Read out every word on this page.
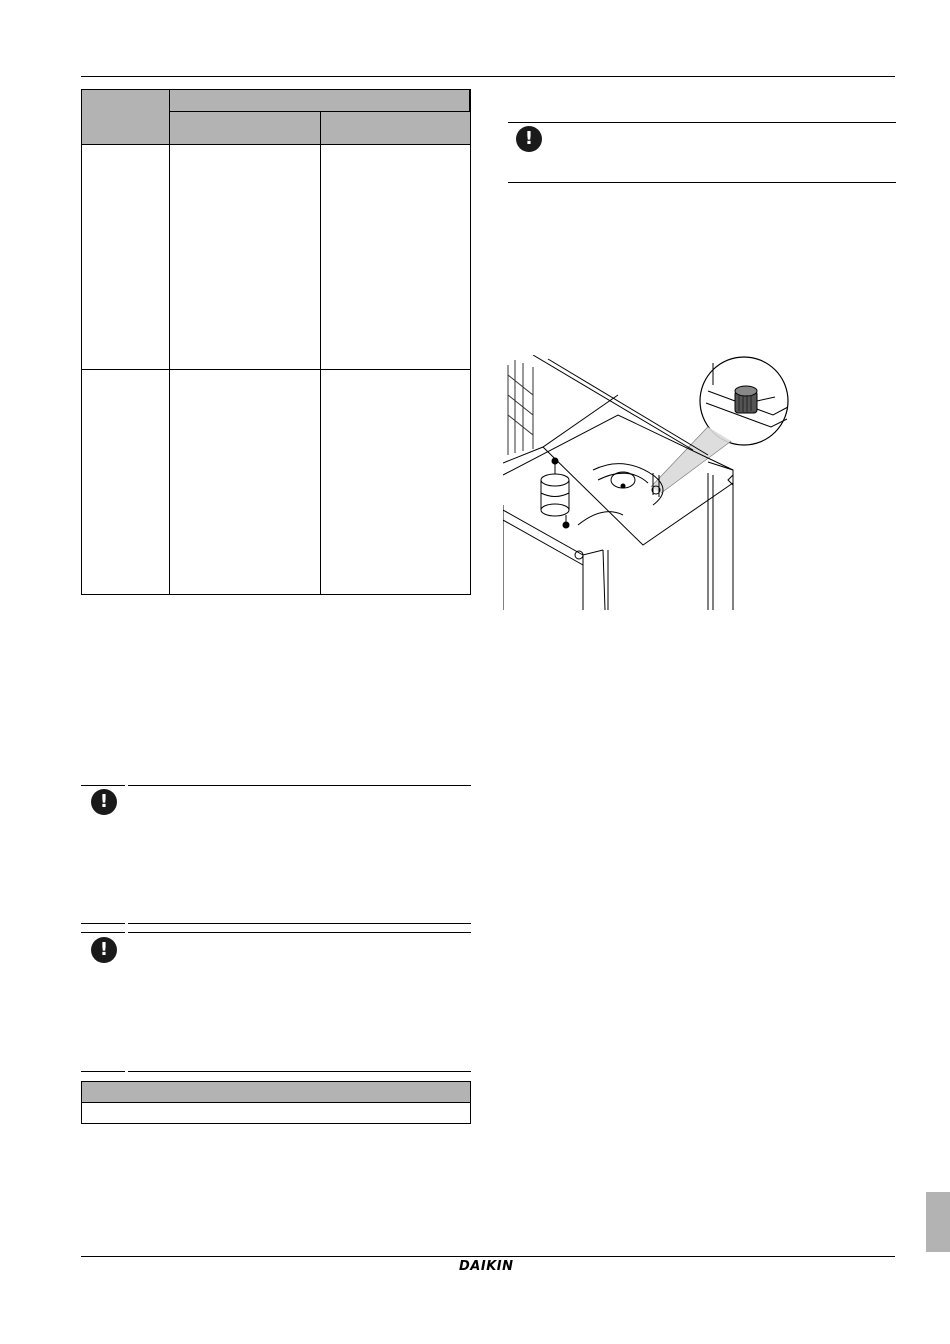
!
!
!
DAIKIN
